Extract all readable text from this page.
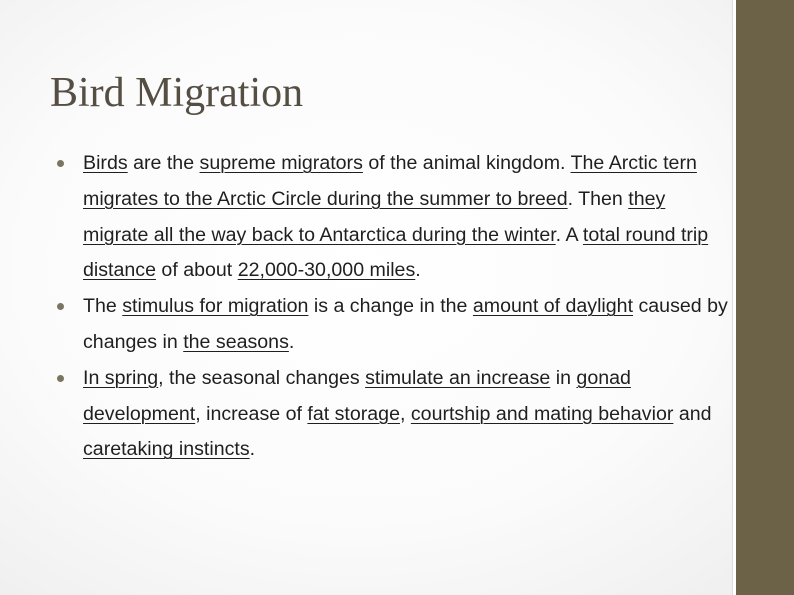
Bird Migration
Birds are the supreme migrators of the animal kingdom. The Arctic tern migrates to the Arctic Circle during the summer to breed. Then they migrate all the way back to Antarctica during the winter. A total round trip distance of about 22,000-30,000 miles.
The stimulus for migration is a change in the amount of daylight caused by changes in the seasons.
In spring, the seasonal changes stimulate an increase in gonad development, increase of fat storage, courtship and mating behavior and caretaking instincts.
